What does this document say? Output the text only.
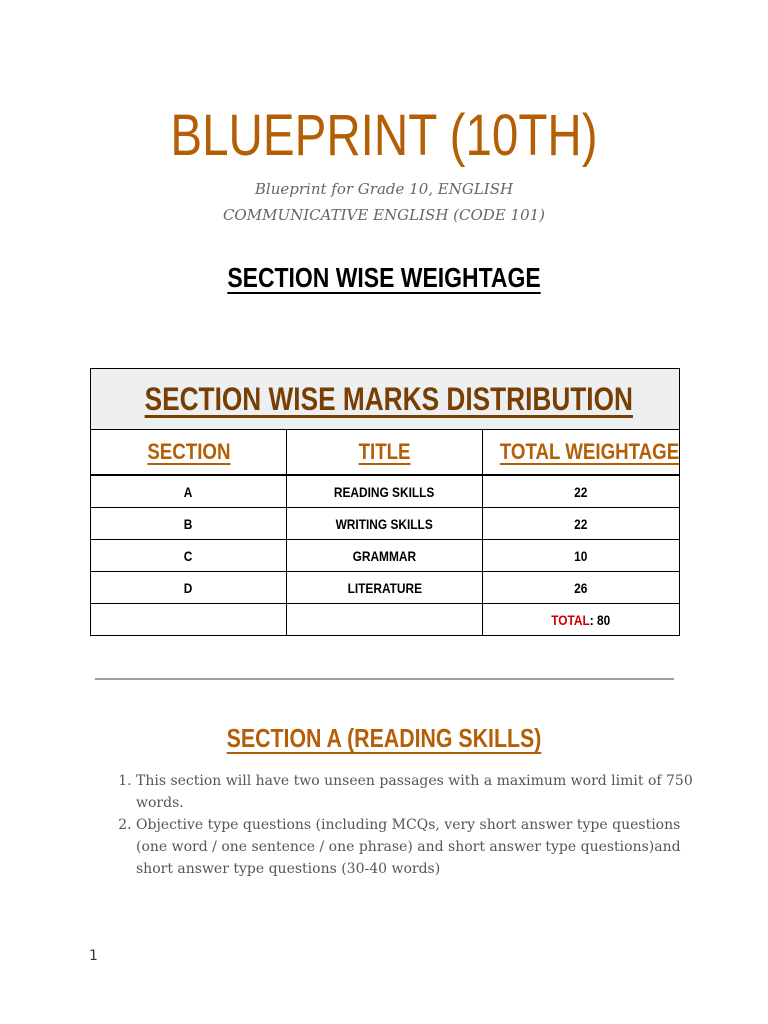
BLUEPRINT (10TH)
Blueprint for Grade 10, ENGLISH
COMMUNICATIVE ENGLISH (CODE 101)
SECTION WISE WEIGHTAGE
SECTION WISE MARKS DISTRIBUTION		
SECTION	TITLE	TOTAL WEIGHTAGE
A	READING SKILLS	22
B	WRITING SKILLS	22
C	GRAMMAR	10
D	LITERATURE	26
		TOTAL: 80
SECTION A (READING SKILLS)
1. This section will have two unseen passages with a maximum word limit of 750 words.
2. Objective type questions (including MCQs, very short answer type questions (one word / one sentence / one phrase) and short answer type questions)and short answer type questions (30-40 words)
1
